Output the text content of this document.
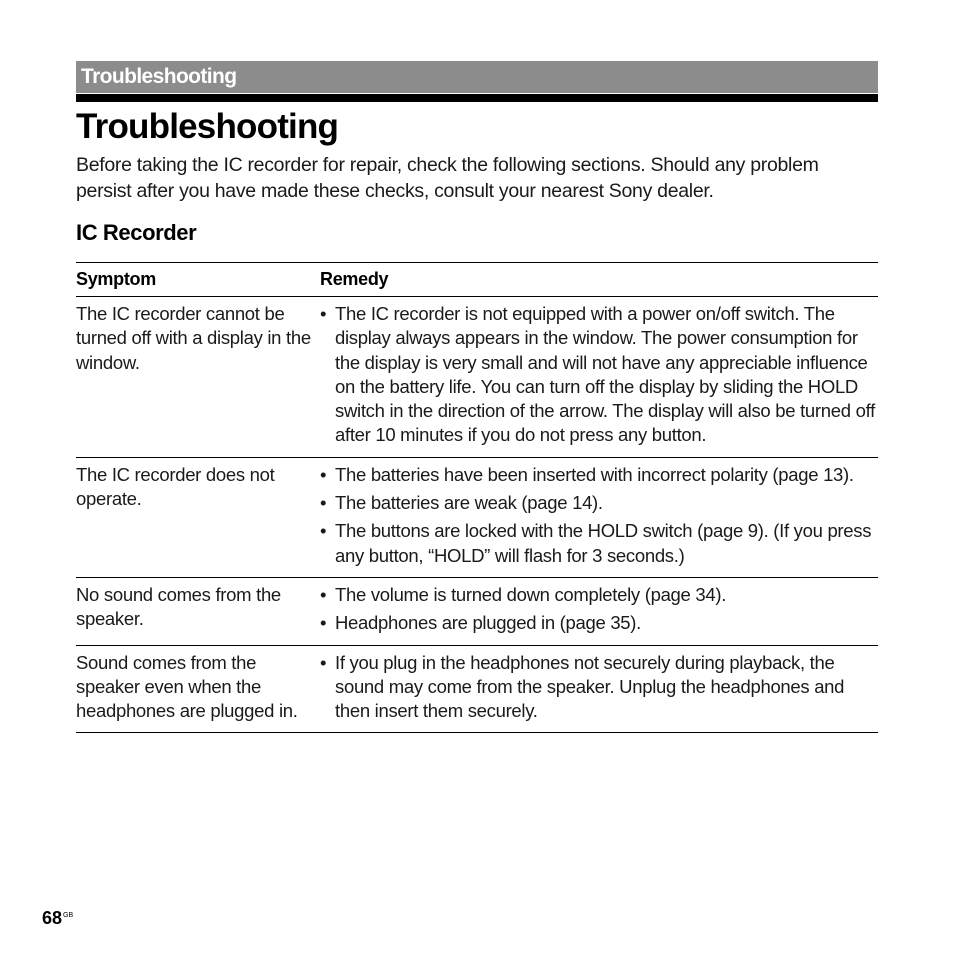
Troubleshooting
Troubleshooting

Before taking the IC recorder for repair, check the following sections. Should any problem persist after you have made these checks, consult your nearest Sony dealer.

IC Recorder
Symptom	Remedy
The IC recorder cannot be turned off with a display in the window.
• The IC recorder is not equipped with a power on/off switch. The display always appears in the window. The power consumption for the display is very small and will not have any appreciable influence on the battery life. You can turn off the display by sliding the HOLD switch in the direction of the arrow. The display will also be turned off after 10 minutes if you do not press any button.
The IC recorder does not operate.
• The batteries have been inserted with incorrect polarity (page 13).
• The batteries are weak (page 14).
• The buttons are locked with the HOLD switch (page 9). (If you press any button, “HOLD” will flash for 3 seconds.)
No sound comes from the speaker.
• The volume is turned down completely (page 34).
• Headphones are plugged in (page 35).
Sound comes from the speaker even when the headphones are plugged in.
• If you plug in the headphones not securely during playback, the sound may come from the speaker. Unplug the headphones and then insert them securely.
$68^{GB}$
